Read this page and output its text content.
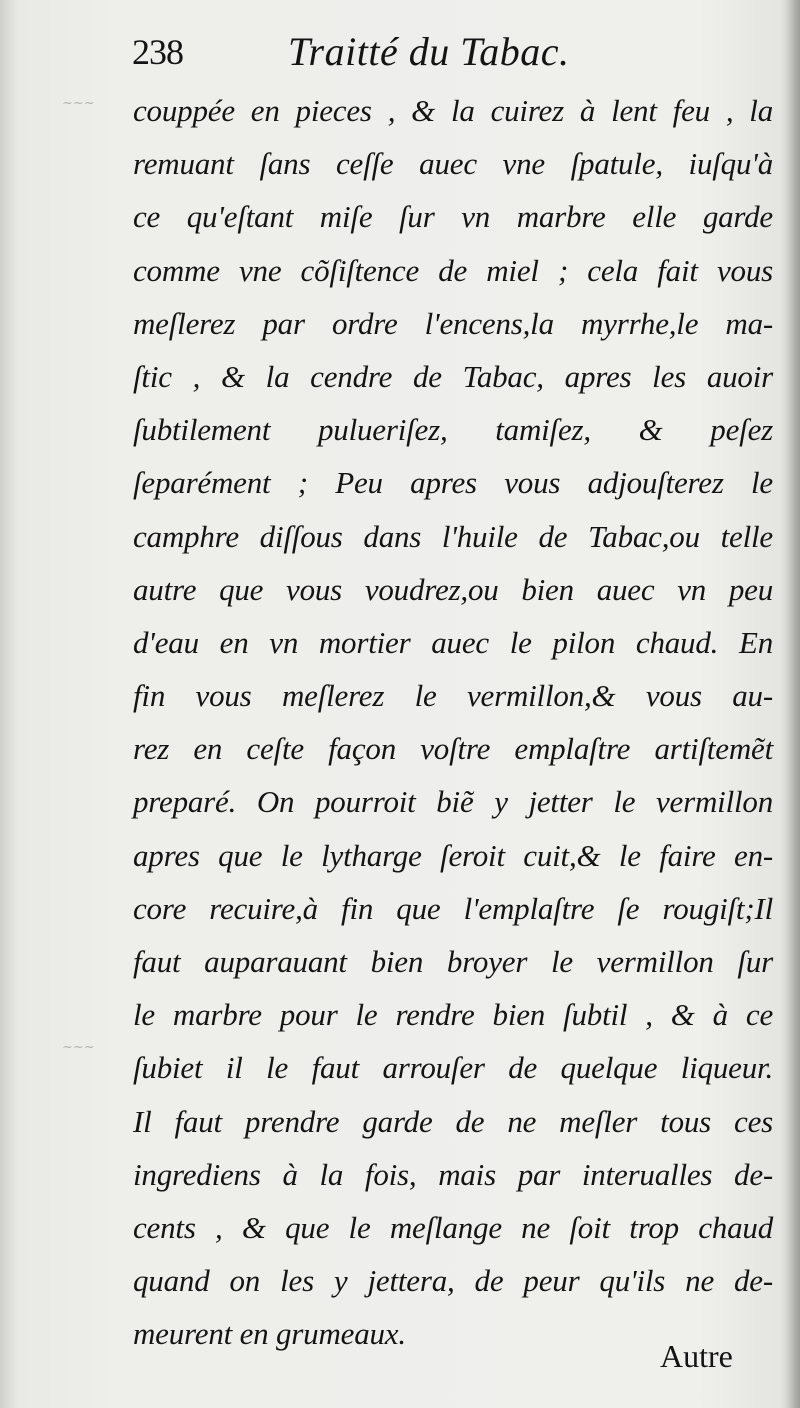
~~~
~~~
238	Traitté du Tabac.
couppée en pieces , & la cuirez à lent feu , la
remuant ſans ceſſe auec vne ſpatule, iuſqu'à
ce qu'eſtant miſe ſur vn marbre elle garde
comme vne cõſiſtence de miel ; cela fait vous
meſlerez par ordre l'encens,la myrrhe,le ma-
ſtic , & la cendre de Tabac, apres les auoir
ſubtilement pulueriſez, tamiſez, & peſez
ſeparément ; Peu apres vous adjouſterez le
camphre diſſous dans l'huile de Tabac,ou telle
autre que vous voudrez,ou bien auec vn peu
d'eau en vn mortier auec le pilon chaud. En
fin vous meſlerez le vermillon,& vous au-
rez en ceſte façon voſtre emplaſtre artiſtemẽt
preparé. On pourroit biẽ y jetter le vermillon
apres que le lytharge ſeroit cuit,& le faire en-
core recuire,à fin que l'emplaſtre ſe rougiſt;Il
faut auparauant bien broyer le vermillon ſur
le marbre pour le rendre bien ſubtil , & à ce
ſubiet il le faut arrouſer de quelque liqueur.
Il faut prendre garde de ne meſler tous ces
ingrediens à la fois, mais par interualles de-
cents , & que le meſlange ne ſoit trop chaud
quand on les y jettera, de peur qu'ils ne de-
meurent en grumeaux.
Autre
